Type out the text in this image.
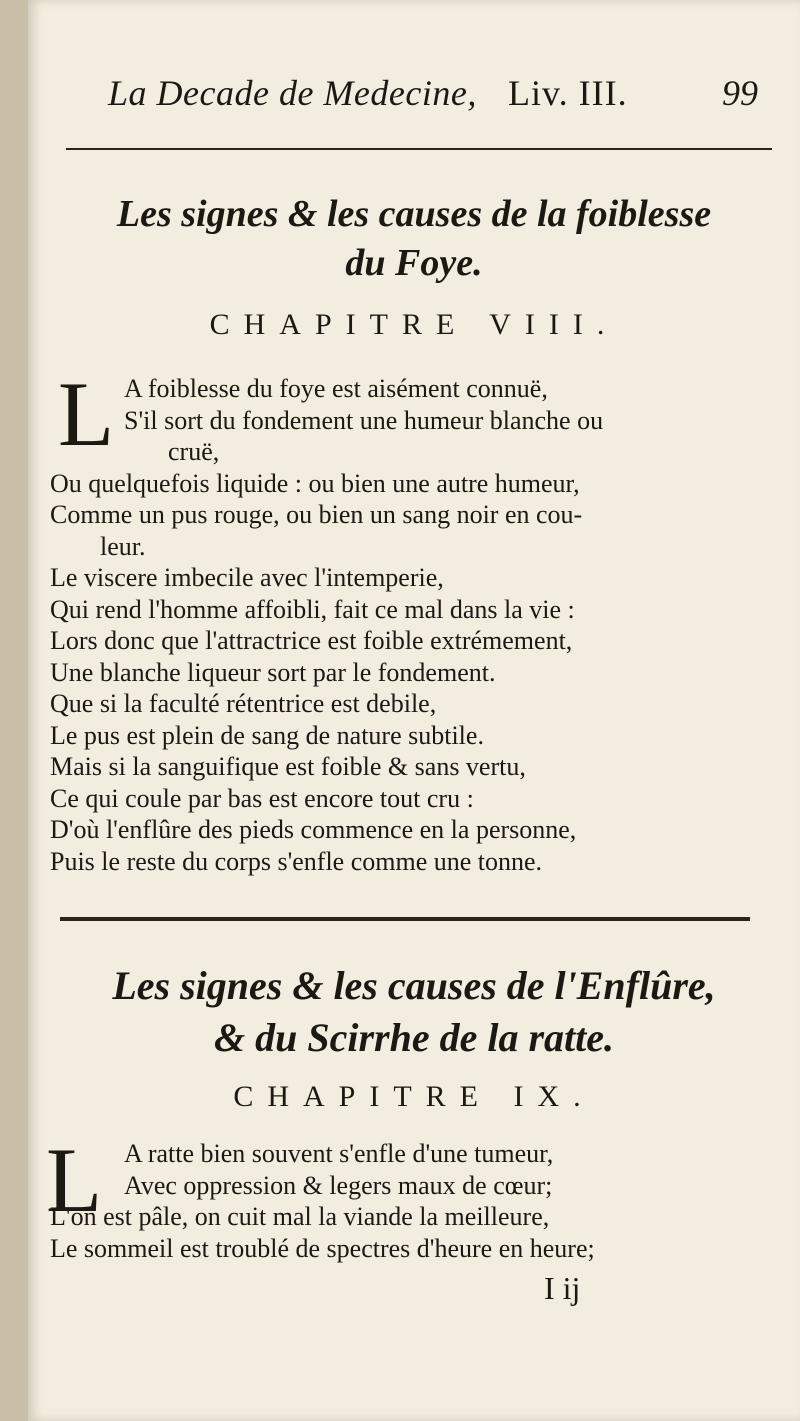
La Decade de Medecine, Liv. III.	99
Les signes & les causes de la foiblesse
du Foye.
CHAPITRE VIII.
L A foiblesse du foye est aisément connuë,
S'il sort du fondement une humeur blanche ou
cruë,
Ou quelquefois liquide : ou bien une autre humeur,
Comme un pus rouge, ou bien un sang noir en cou-
leur.
Le viscere imbecile avec l'intemperie,
Qui rend l'homme affoibli, fait ce mal dans la vie :
Lors donc que l'attractrice est foible extrémement,
Une blanche liqueur sort par le fondement.
Que si la faculté rétentrice est debile,
Le pus est plein de sang de nature subtile.
Mais si la sanguifique est foible & sans vertu,
Ce qui coule par bas est encore tout cru :
D'où l'enflûre des pieds commence en la personne,
Puis le reste du corps s'enfle comme une tonne.
Les signes & les causes de l'Enflûre,
& du Scirrhe de la ratte.
CHAPITRE IX.
L A ratte bien souvent s'enfle d'une tumeur,
Avec oppression & legers maux de cœur;
L'on est pâle, on cuit mal la viande la meilleure,
Le sommeil est troublé de spectres d'heure en heure;
I ij
